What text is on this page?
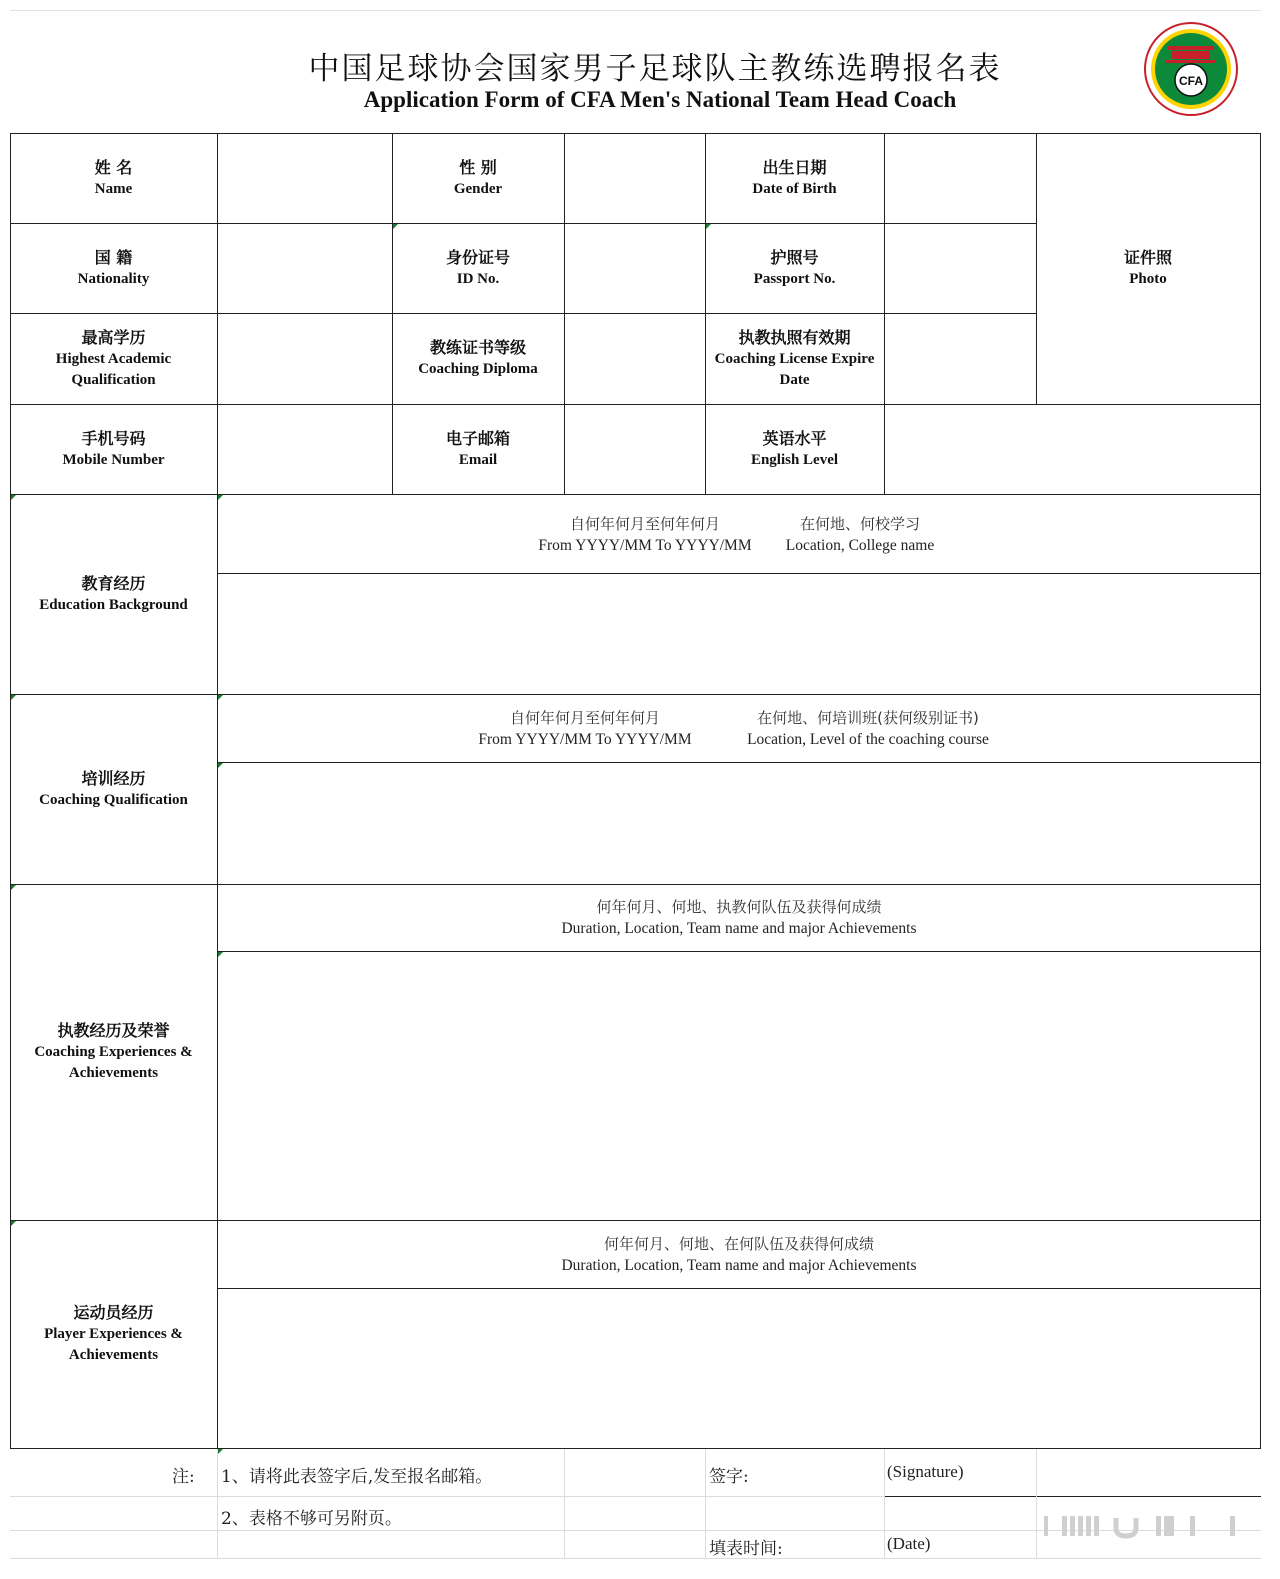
中国足球协会国家男子足球队主教练选聘报名表
Application Form of CFA Men's National Team Head Coach
CFA
姓 名
Name
性 别
Gender
出生日期
Date of Birth
证件照
Photo
国 籍
Nationality
身份证号
ID No.
护照号
Passport No.
最高学历
Highest Academic Qualification
教练证书等级
Coaching Diploma
执教执照有效期
Coaching License Expire Date
手机号码
Mobile Number
电子邮箱
Email
英语水平
English Level
教育经历
Education Background
自何年何月至何年何月
From YYYY/MM To YYYY/MM
在何地、何校学习
Location, College name
培训经历
Coaching Qualification
自何年何月至何年何月
From YYYY/MM To YYYY/MM
在何地、何培训班(获何级别证书)
Location, Level of the coaching course
执教经历及荣誉
Coaching Experiences & Achievements
何年何月、何地、执教何队伍及获得何成绩
Duration, Location, Team name and major Achievements
运动员经历
Player Experiences & Achievements
何年何月、何地、在何队伍及获得何成绩
Duration, Location, Team name and major Achievements
注: 1、请将此表签字后,发至报名邮箱。
2、表格不够可另附页。
签字:	(Signature)
填表时间:	(Date)
